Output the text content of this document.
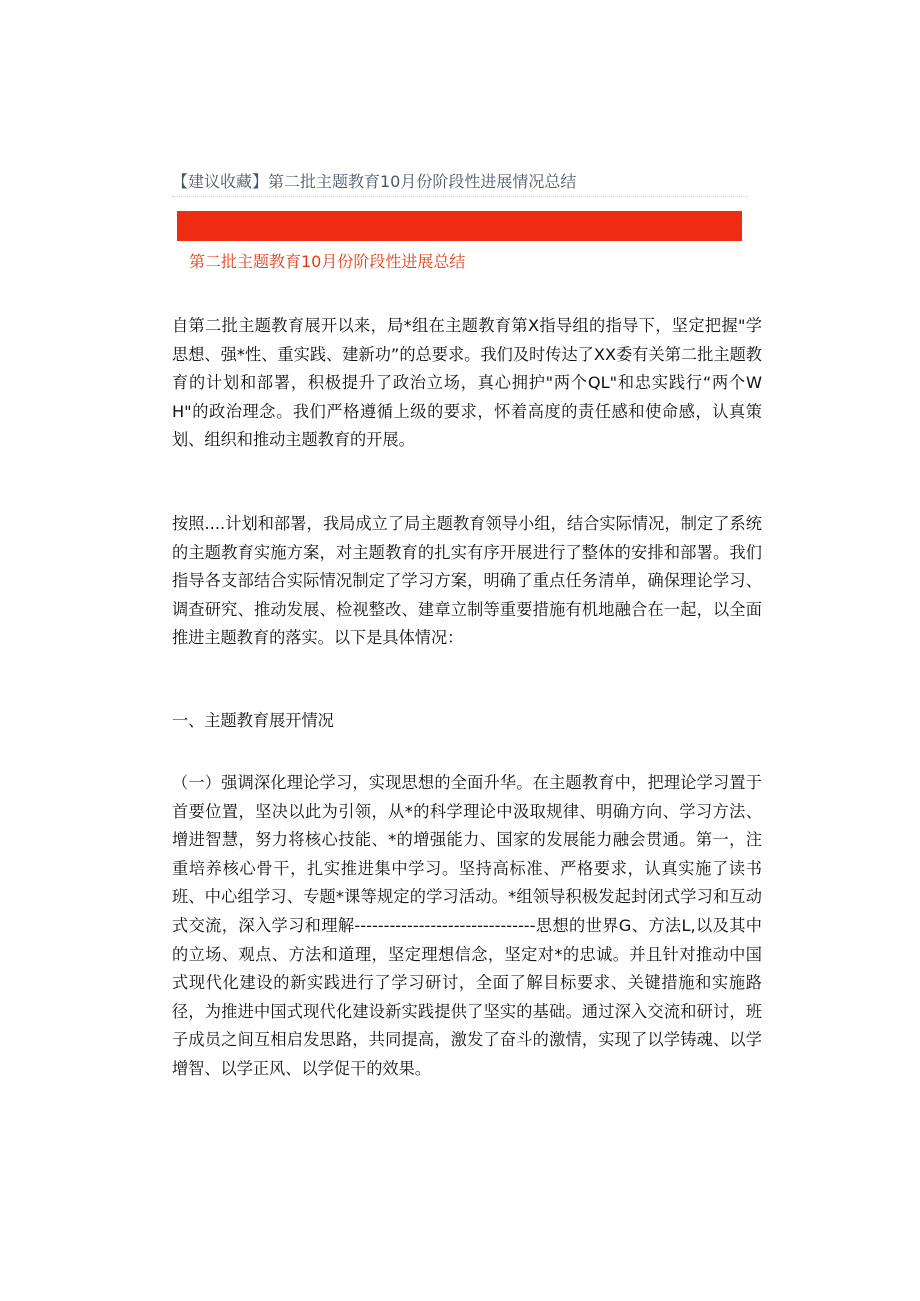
【建议收藏】第二批主题教育10月份阶段性进展情况总结
第二批主题教育10月份阶段性进展总结
自第二批主题教育展开以来，局*组在主题教育第X指导组的指导下，坚定把握"学思想、强*性、重实践、建新功”的总要求。我们及时传达了XX委有关第二批主题教育的计划和部署，积极提升了政治立场，真心拥护"两个QL"和忠实践行“两个WH"的政治理念。我们严格遵循上级的要求，怀着高度的责任感和使命感，认真策划、组织和推动主题教育的开展。
按照....计划和部署，我局成立了局主题教育领导小组，结合实际情况，制定了系统的主题教育实施方案，对主题教育的扎实有序开展进行了整体的安排和部署。我们指导各支部结合实际情况制定了学习方案，明确了重点任务清单，确保理论学习、调查研究、推动发展、检视整改、建章立制等重要措施有机地融合在一起，以全面推进主题教育的落实。以下是具体情况：
一、主题教育展开情况
（一）强调深化理论学习，实现思想的全面升华。在主题教育中，把理论学习置于首要位置，坚决以此为引领，从*的科学理论中汲取规律、明确方向、学习方法、增进智慧，努力将核心技能、*的增强能力、国家的发展能力融会贯通。第一，注重培养核心骨干，扎实推进集中学习。坚持高标准、严格要求，认真实施了读书班、中心组学习、专题*课等规定的学习活动。*组领导积极发起封闭式学习和互动式交流，深入学习和理解-------------------------------思想的世界G、方法L,以及其中的立场、观点、方法和道理，坚定理想信念，坚定对*的忠诚。并且针对推动中国式现代化建设的新实践进行了学习研讨，全面了解目标要求、关键措施和实施路径，为推进中国式现代化建设新实践提供了坚实的基础。通过深入交流和研讨，班子成员之间互相启发思路，共同提高，激发了奋斗的激情，实现了以学铸魂、以学增智、以学正风、以学促干的效果。
